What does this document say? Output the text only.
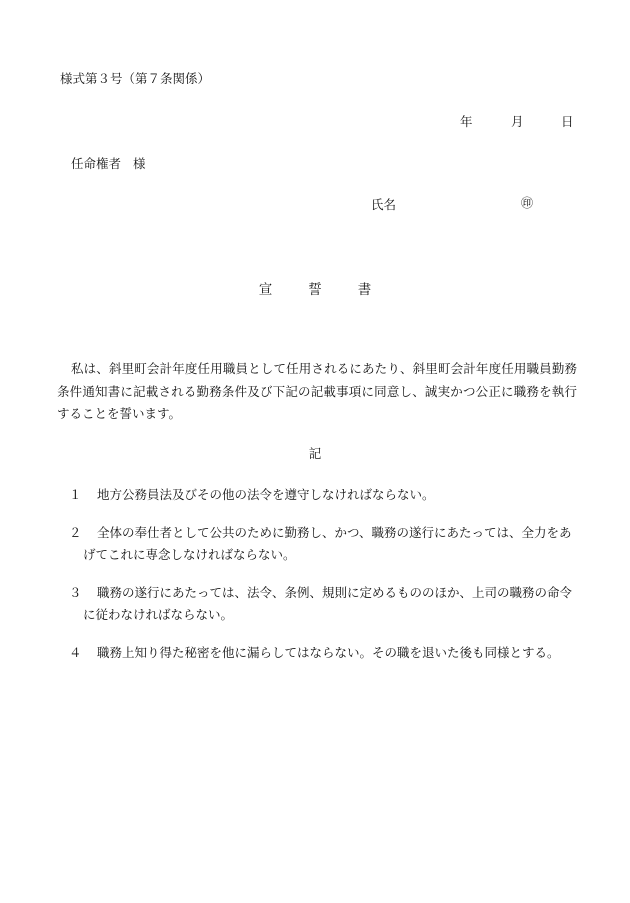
様式第３号（第７条関係）
年	月	日
任命権者 様
氏名	㊞
宣	誓	書
私は、斜里町会計年度任用職員として任用されるにあたり、斜里町会計年度任用職員勤務条件通知書に記載される勤務条件及び下記の記載事項に同意し、誠実かつ公正に職務を執行することを誓います。
記
１	地方公務員法及びその他の法令を遵守しなければならない。
２	全体の奉仕者として公共のために勤務し、かつ、職務の遂行にあたっては、全力をあ
げてこれに専念しなければならない。
３	職務の遂行にあたっては、法令、条例、規則に定めるもののほか、上司の職務の命令
に従わなければならない。
４	職務上知り得た秘密を他に漏らしてはならない。その職を退いた後も同様とする。
